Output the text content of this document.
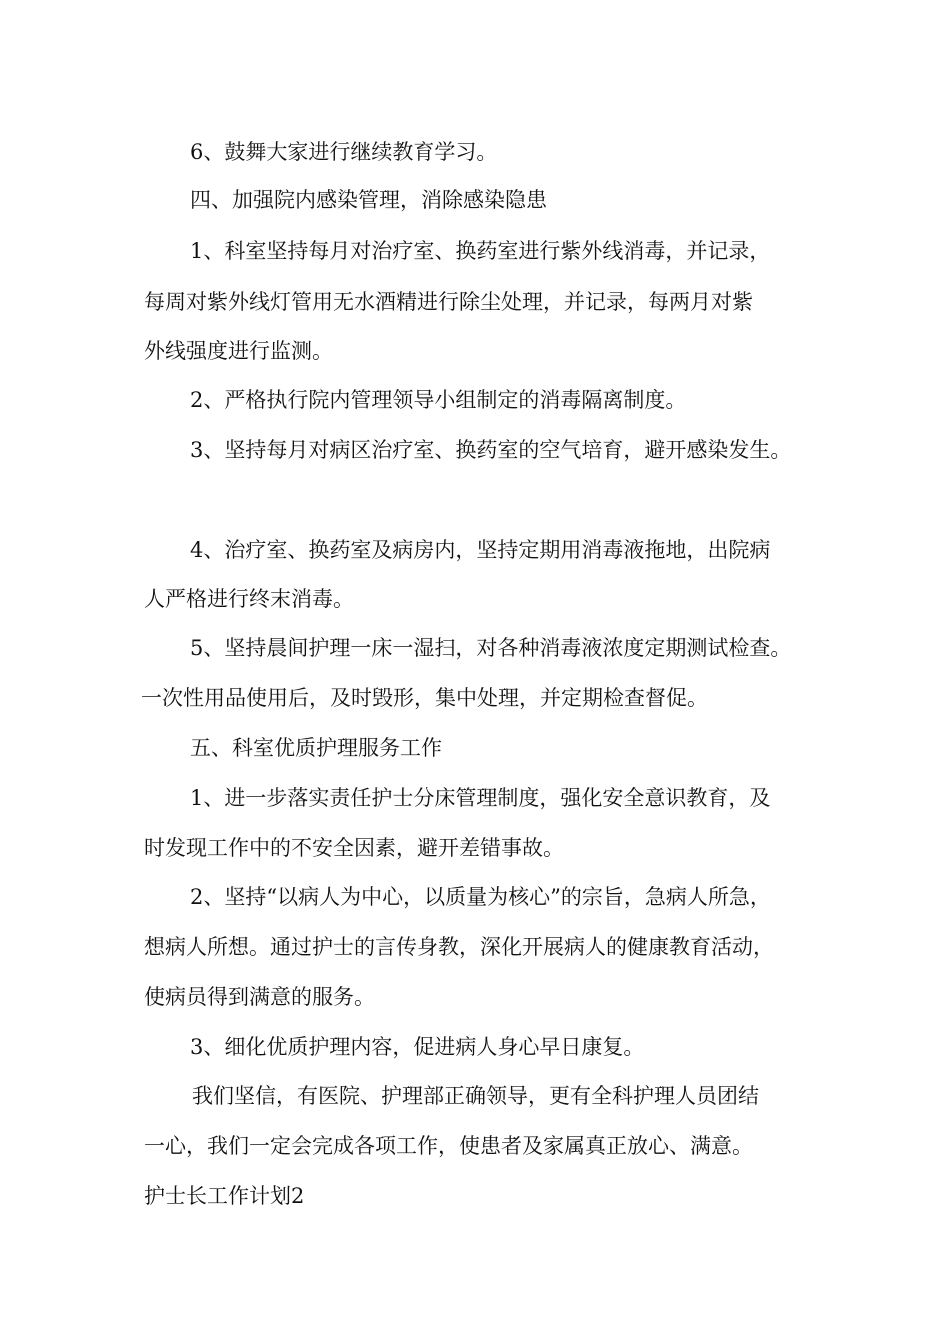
6、鼓舞大家进行继续教育学习。
四、加强院内感染管理，消除感染隐患
1、科室坚持每月对治疗室、换药室进行紫外线消毒，并记录，
每周对紫外线灯管用无水酒精进行除尘处理，并记录，每两月对紫
外线强度进行监测。
2、严格执行院内管理领导小组制定的消毒隔离制度。
3、坚持每月对病区治疗室、换药室的空气培育，避开感染发生。
4、治疗室、换药室及病房内，坚持定期用消毒液拖地，出院病
人严格进行终末消毒。
5、坚持晨间护理一床一湿扫，对各种消毒液浓度定期测试检查。
一次性用品使用后，及时毁形，集中处理，并定期检查督促。
五、科室优质护理服务工作
1、进一步落实责任护士分床管理制度，强化安全意识教育，及
时发现工作中的不安全因素，避开差错事故。
2、坚持“以病人为中心，以质量为核心”的宗旨，急病人所急，
想病人所想。通过护士的言传身教，深化开展病人的健康教育活动，
使病员得到满意的服务。
3、细化优质护理内容，促进病人身心早日康复。
我们坚信，有医院、护理部正确领导，更有全科护理人员团结
一心，我们一定会完成各项工作，使患者及家属真正放心、满意。
护士长工作计划2
